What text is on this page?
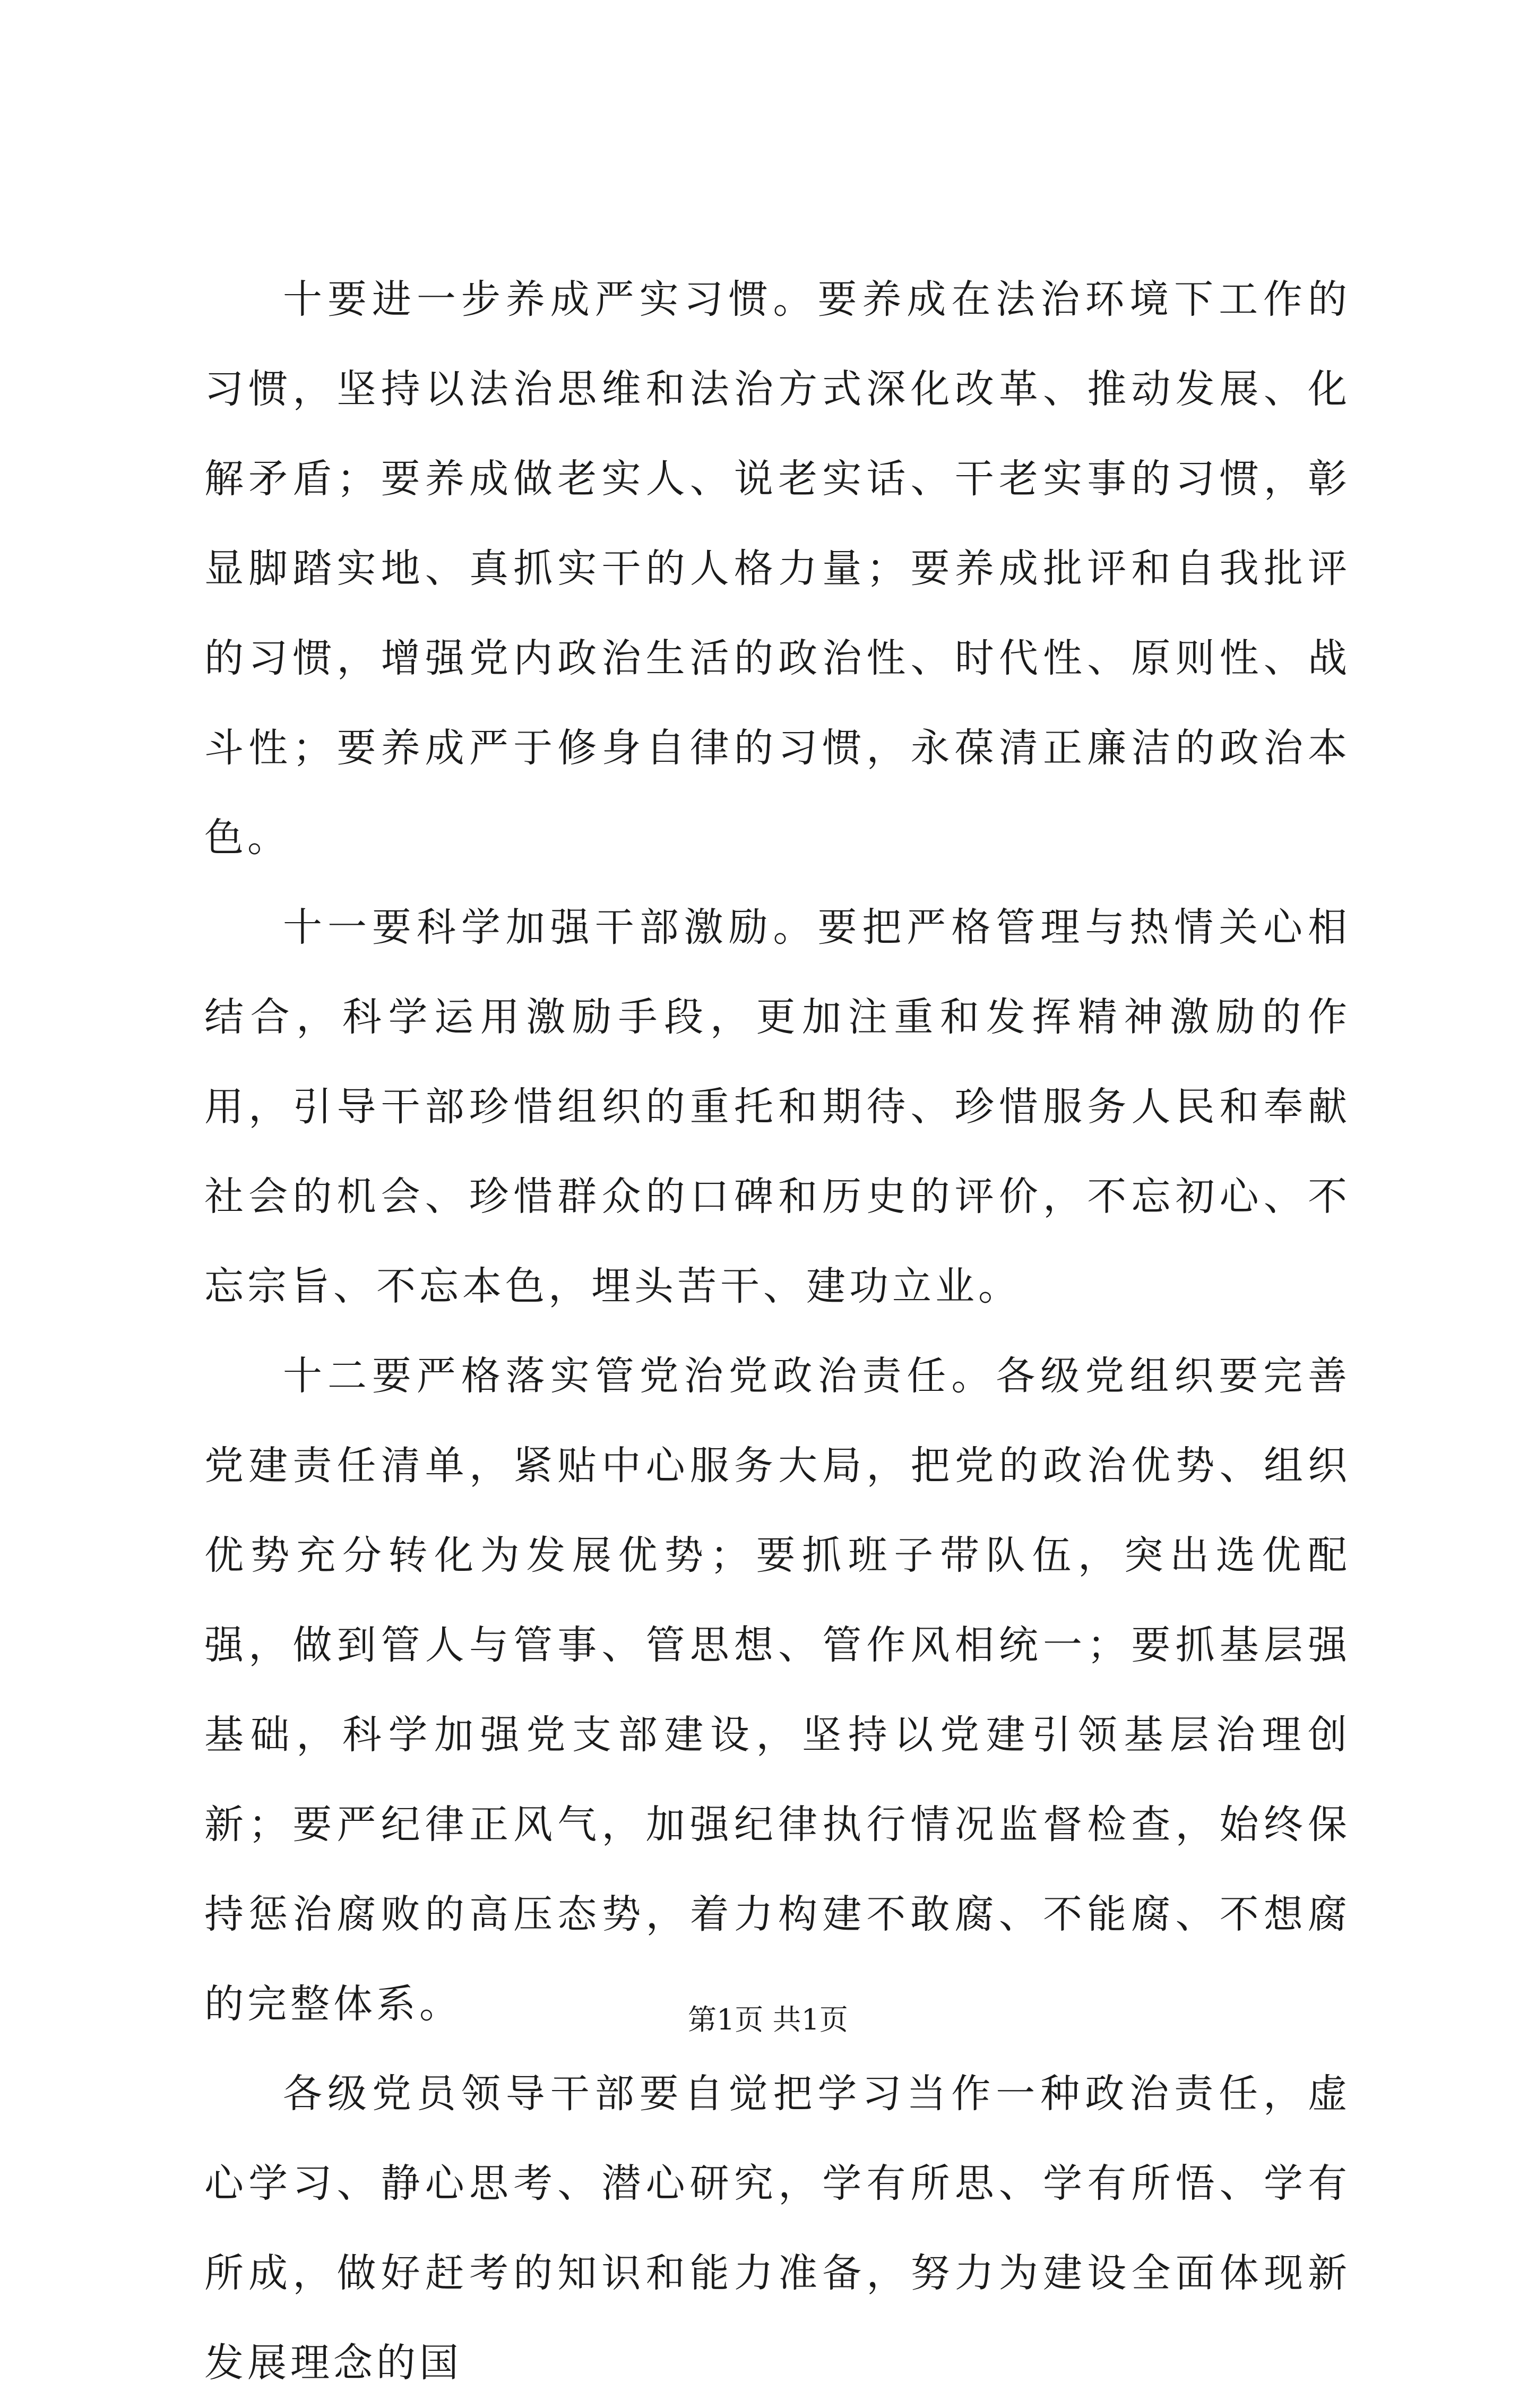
十要进一步养成严实习惯。要养成在法治环境下工作的习惯，坚持以法治思维和法治方式深化改革、推动发展、化解矛盾；要养成做老实人、说老实话、干老实事的习惯，彰显脚踏实地、真抓实干的人格力量；要养成批评和自我批评的习惯，增强党内政治生活的政治性、时代性、原则性、战斗性；要养成严于修身自律的习惯，永葆清正廉洁的政治本色。

十一要科学加强干部激励。要把严格管理与热情关心相结合，科学运用激励手段，更加注重和发挥精神激励的作用，引导干部珍惜组织的重托和期待、珍惜服务人民和奉献社会的机会、珍惜群众的口碑和历史的评价，不忘初心、不忘宗旨、不忘本色，埋头苦干、建功立业。

十二要严格落实管党治党政治责任。各级党组织要完善党建责任清单，紧贴中心服务大局，把党的政治优势、组织优势充分转化为发展优势；要抓班子带队伍，突出选优配强，做到管人与管事、管思想、管作风相统一；要抓基层强基础，科学加强党支部建设，坚持以党建引领基层治理创新；要严纪律正风气，加强纪律执行情况监督检查，始终保持惩治腐败的高压态势，着力构建不敢腐、不能腐、不想腐的完整体系。

各级党员领导干部要自觉把学习当作一种政治责任，虚心学习、静心思考、潜心研究，学有所思、学有所悟、学有所成，做好赶考的知识和能力准备，努力为建设全面体现新发展理念的国

第1页 共1页
